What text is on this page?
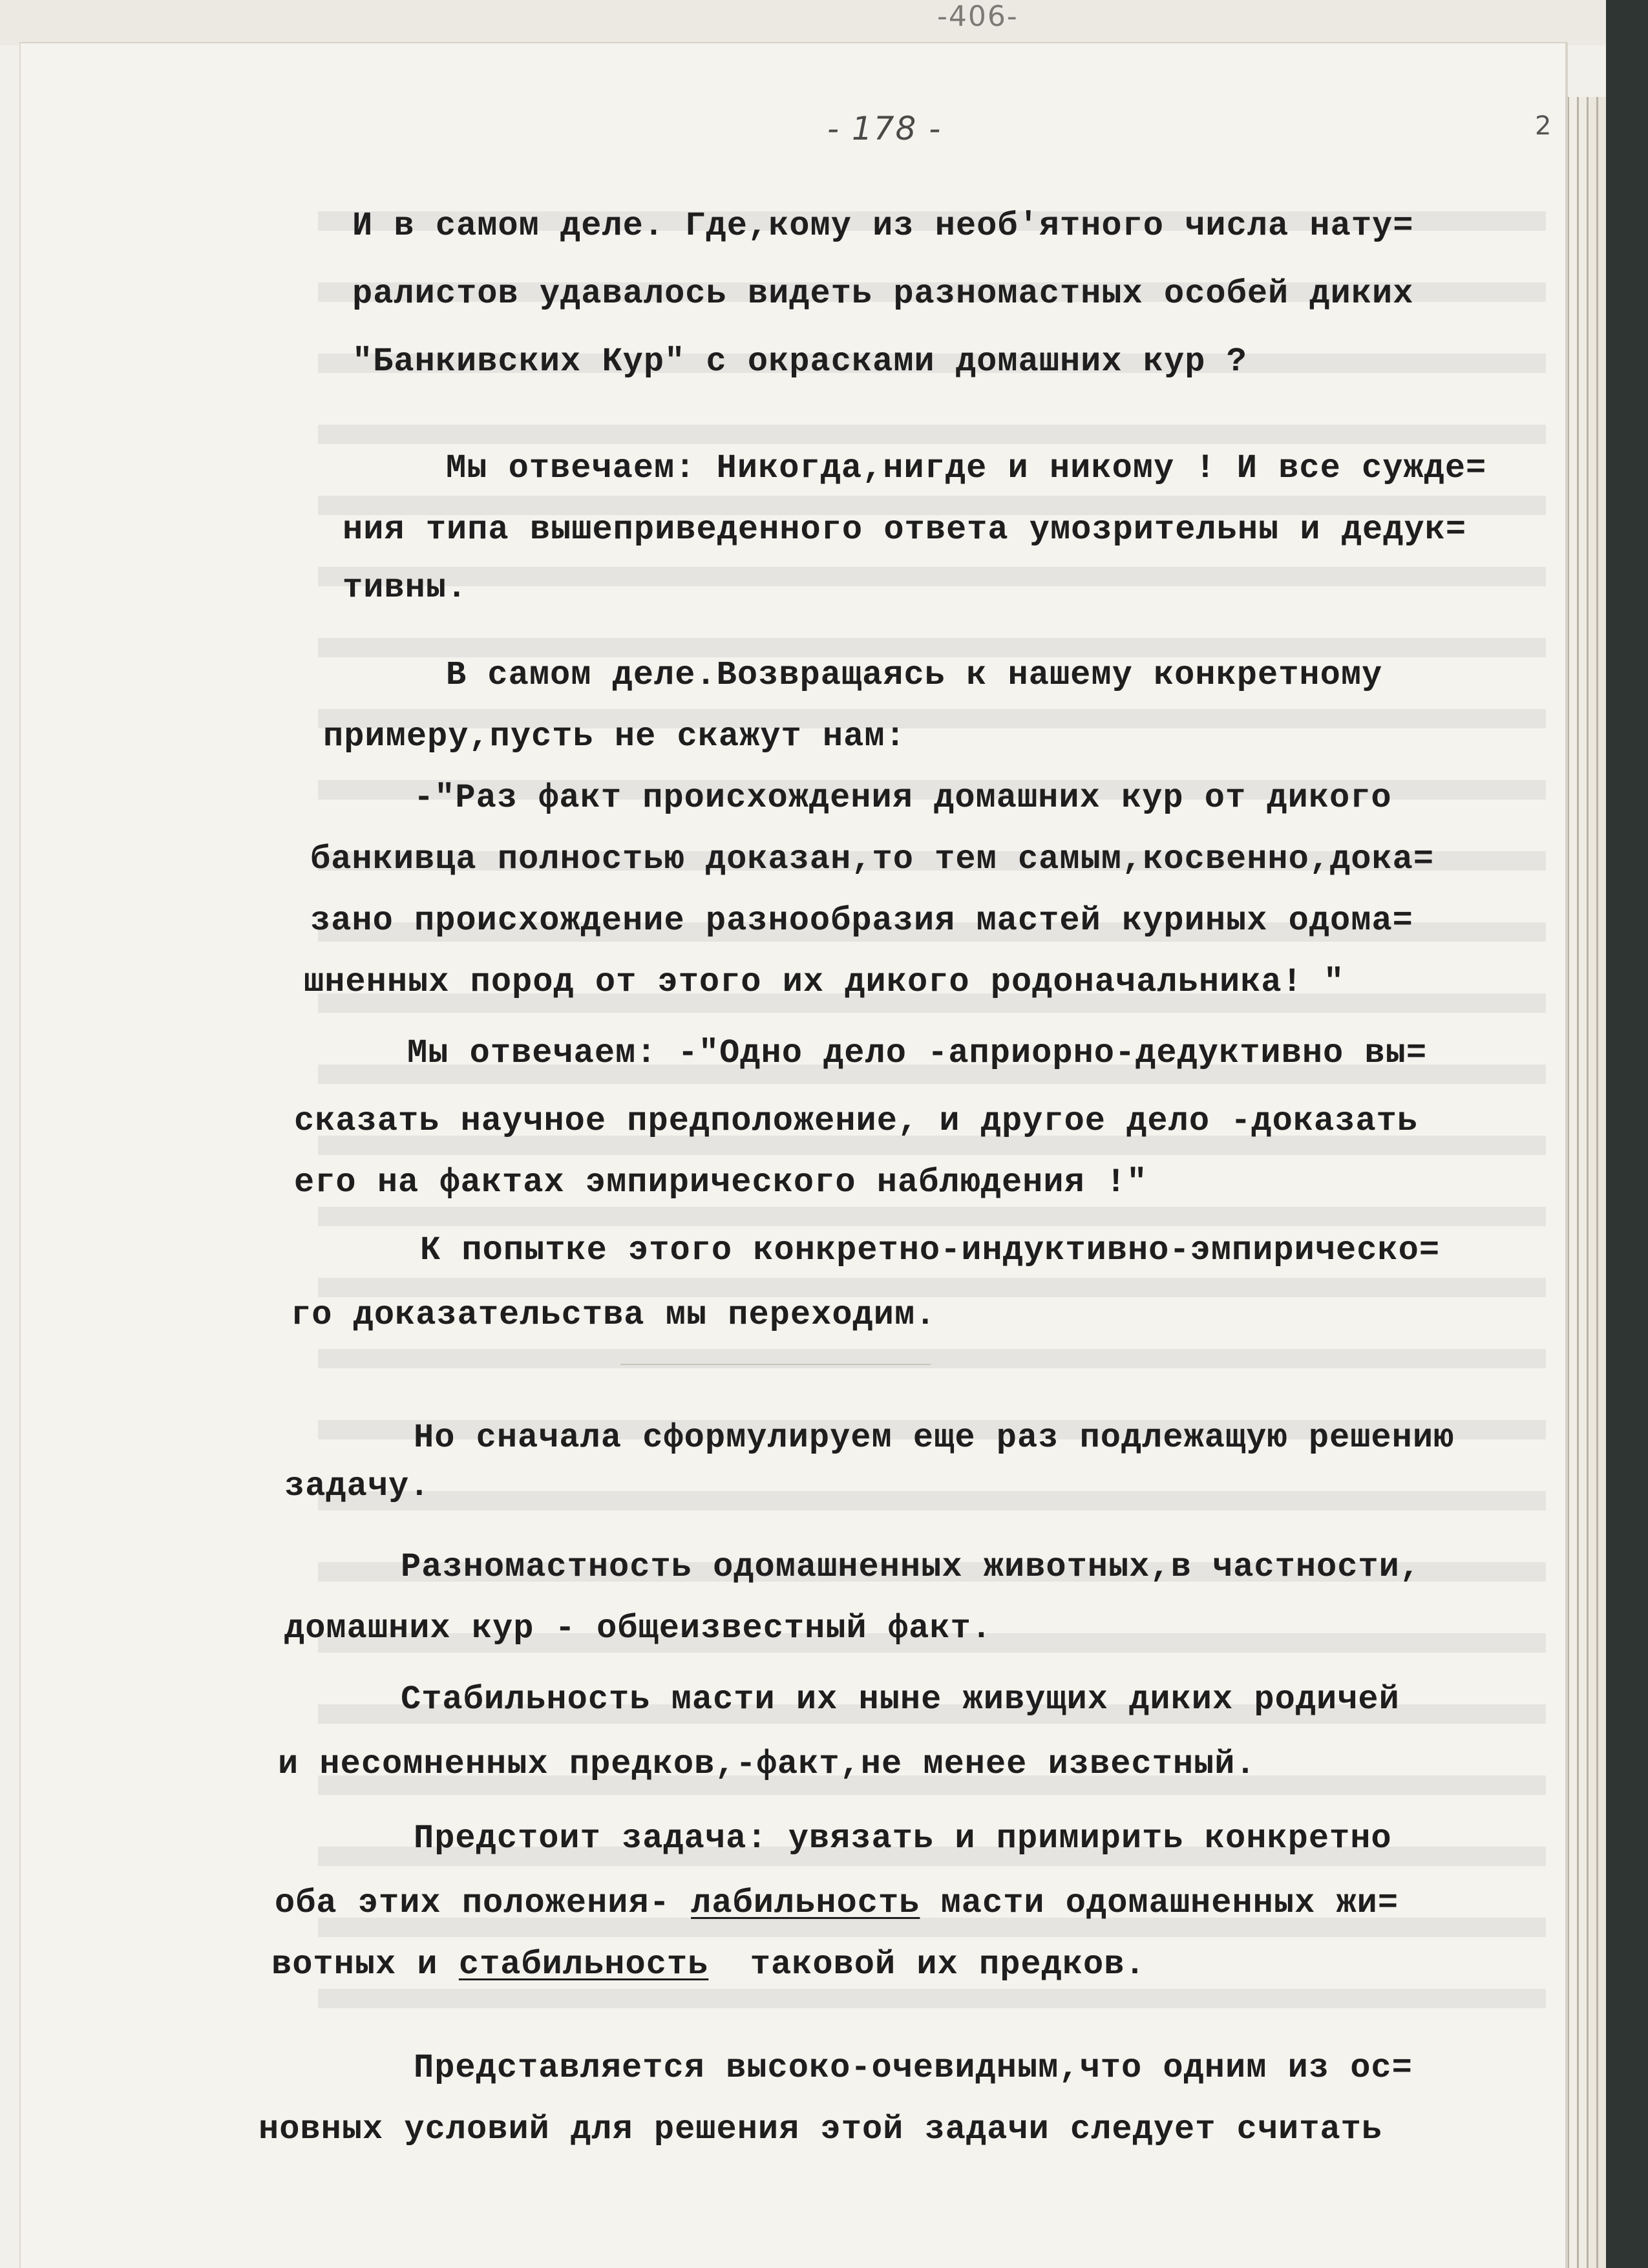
-406-
- 178 -	2
И в самом деле. Где,кому из необ'ятного числа нату=
ралистов удавалось видеть разномастных особей диких
"Банкивских Кур" с окрасками домашних кур ?
Мы отвечаем: Никогда,нигде и никому ! И все сужде=
ния типа вышеприведенного ответа умозрительны и дедук=
тивны.
В самом деле.Возвращаясь к нашему конкретному
примеру,пусть не скажут нам:
-"Раз факт происхождения домашних кур от дикого
банкивца полностью доказан,то тем самым,косвенно,дока=
зано происхождение разнообразия мастей куриных одома=
шненных пород от этого их дикого родоначальника! "
Мы отвечаем: -"Одно дело -априорно-дедуктивно вы=
сказать научное предположение, и другое дело -доказать
его на фактах эмпирического наблюдения !"
К попытке этого конкретно-индуктивно-эмпирическо=
го доказательства мы переходим.
Но сначала сформулируем еще раз подлежащую решению
задачу.
Разномастность одомашненных животных,в частности,
домашних кур - общеизвестный факт.
Стабильность масти их ныне живущих диких родичей
и несомненных предков,-факт,не менее известный.
Предстоит задача: увязать и примирить конкретно
оба этих положения- лабильность масти одомашненных жи=
вотных и стабильность  таковой их предков.
Представляется высоко-очевидным,что одним из ос=
новных условий для решения этой задачи следует считать
